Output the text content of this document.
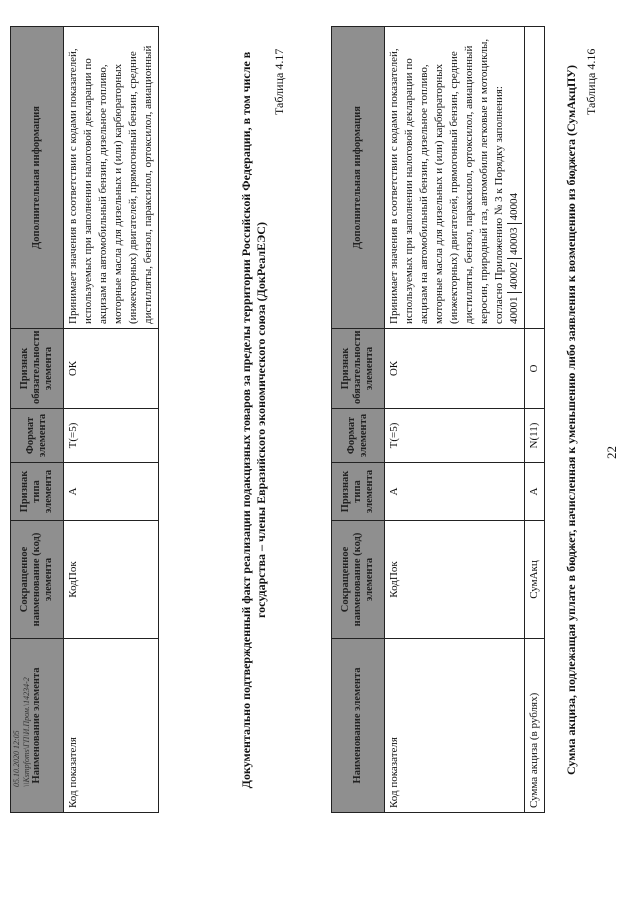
22
Таблица 4.16
Сумма акциза, подлежащая уплате в бюджет, начисленная к уменьшению либо заявления к возмещению из бюджета (СумАкцПУ)
Наименование элемента	Сокращенное наименование (код) элемента	Признак типа элемента	Формат элемента	Признак обязательности элемента	Дополнительная информация
Код показателя	КодПок	А	T(=5)	ОК	Принимает значения в соответствии с кодами показателей, используемых при заполнении налоговой декларации по акцизам на автомобильный бензин, дизельное топливо, моторные масла для дизельных и (или) карбюраторных (инжекторных) двигателей, прямогонный бензин, средние дистилляты, бензол, параксилол, ортоксилол, авиационный керосин, природный газ, автомобили легковые и мотоциклы, согласно Приложению № 3 к Порядку заполнения: 40001
40002
40003
40004

Сумма акциза (в рублях)	СумАкц	А	N(11)	О	
Таблица 4.17
Документально подтвержденный факт реализации подакцизных товаров за пределы территории Российской Федерации, в том числе в государства – члены Евразийского экономического союза (ДокРеалЕЭС)
Наименование элемента	Сокращенное наименование (код) элемента	Признак типа элемента	Формат элемента	Признак обязательности элемента	Дополнительная информация
Код показателя	КодПок	А	T(=5)	ОК	Принимает значения в соответствии с кодами показателей, используемых при заполнении налоговой декларации по акцизам на автомобильный бензин, дизельное топливо, моторные масла для дизельных и (или) карбюраторных (инжекторных) двигателей, прямогонный бензин, средние дистилляты, бензол, параксилол, ортоксилол, авиационный
05.10.2020 12:05 \\Ksmpfoms\ГП\И.Пром.\14234-2
